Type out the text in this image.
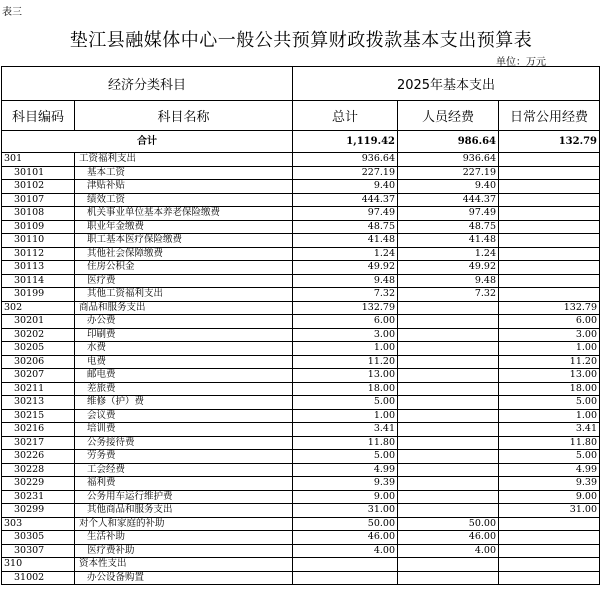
表三
垫江县融媒体中心一般公共预算财政拨款基本支出预算表
单位：万元
经济分类科目		2025年基本支出		
科目编码	科目名称	总计	人员经费	日常公用经费
合计		1,119.42	986.64	132.79
301	工资福利支出	936.64	936.64	
30101	基本工资	227.19	227.19	
30102	津贴补贴	9.40	9.40	
30107	绩效工资	444.37	444.37	
30108	机关事业单位基本养老保险缴费	97.49	97.49	
30109	职业年金缴费	48.75	48.75	
30110	职工基本医疗保险缴费	41.48	41.48	
30112	其他社会保障缴费	1.24	1.24	
30113	住房公积金	49.92	49.92	
30114	医疗费	9.48	9.48	
30199	其他工资福利支出	7.32	7.32	
302	商品和服务支出	132.79		132.79
30201	办公费	6.00		6.00
30202	印刷费	3.00		3.00
30205	水费	1.00		1.00
30206	电费	11.20		11.20
30207	邮电费	13.00		13.00
30211	差旅费	18.00		18.00
30213	维修（护）费	5.00		5.00
30215	会议费	1.00		1.00
30216	培训费	3.41		3.41
30217	公务接待费	11.80		11.80
30226	劳务费	5.00		5.00
30228	工会经费	4.99		4.99
30229	福利费	9.39		9.39
30231	公务用车运行维护费	9.00		9.00
30299	其他商品和服务支出	31.00		31.00
303	对个人和家庭的补助	50.00	50.00	
30305	生活补助	46.00	46.00	
30307	医疗费补助	4.00	4.00	
310	资本性支出			
31002	办公设备购置			
